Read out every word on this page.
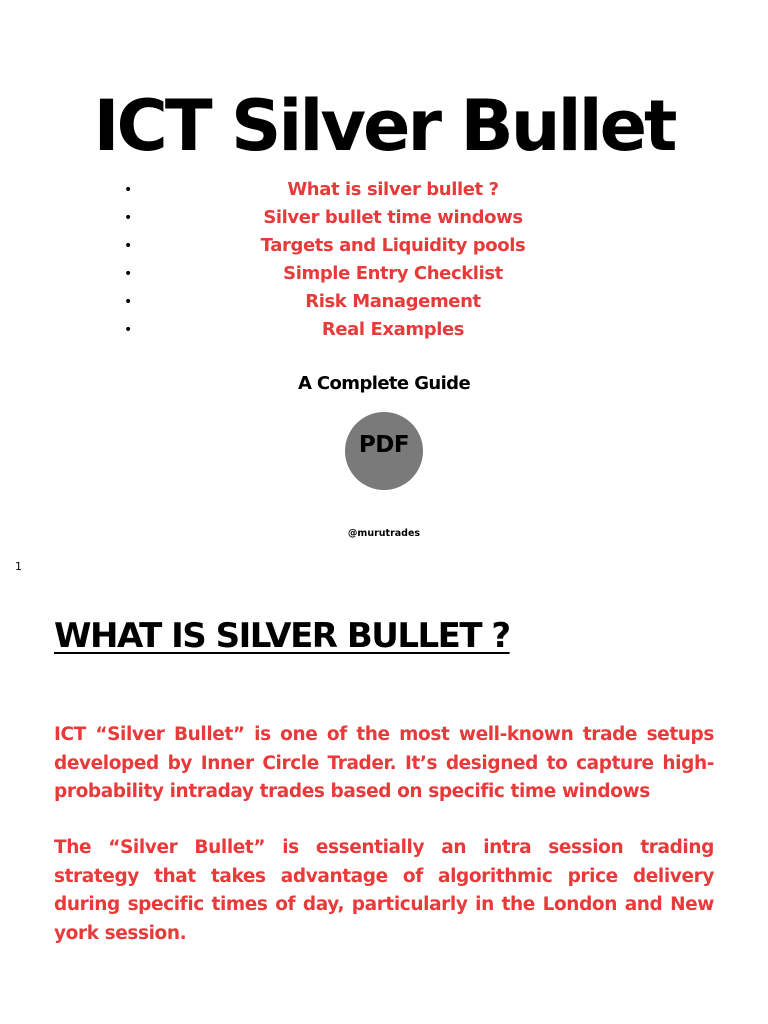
ICT Silver Bullet
•	What is silver bullet ?
•	Silver bullet time windows
•	Targets and Liquidity pools
•	Simple Entry Checklist
•	Risk Management
•	Real Examples
A Complete Guide
PDF
@murutrades
1
WHAT IS SILVER BULLET ?

ICT “Silver Bullet” is one of the most well-known trade setups developed by Inner Circle Trader. It’s designed to capture high-probability intraday trades based on specific time windows

The “Silver Bullet” is essentially an intra session trading strategy that takes advantage of algorithmic price delivery during specific times of day, particularly in the London and New york session.
